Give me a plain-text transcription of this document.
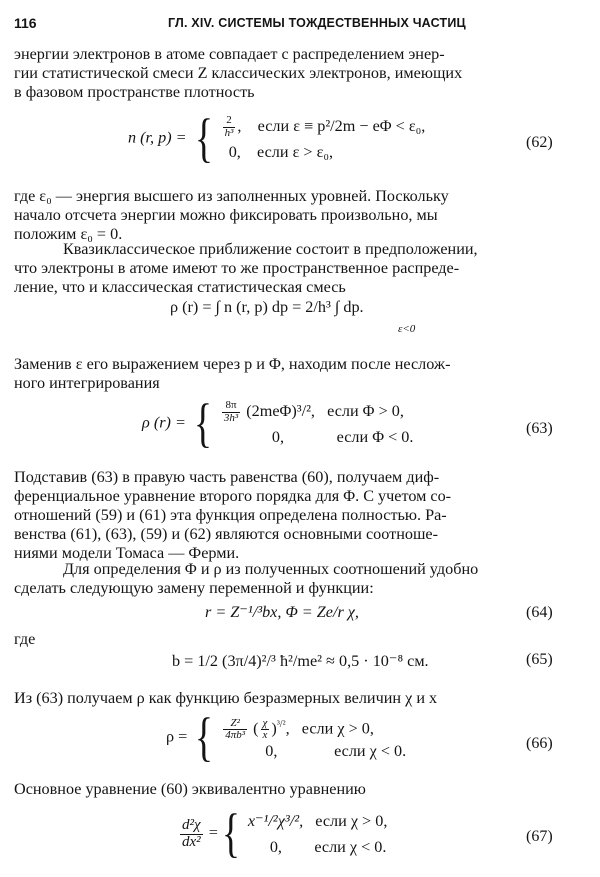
116	ГЛ. XIV. СИСТЕМЫ ТОЖДЕСТВЕННЫХ ЧАСТИЦ
энергии электронов в атоме совпадает с распределением энер-
гии статистической смеси Z классических электронов, имеющих
в фазовом пространстве плотность
n (r, p) = { $\frac{2}{\text{h³}}$ ,    если ε ≡ p²/2m − eΦ < ε₀,
0, если ε > ε₀,
(62)
где ε₀ — энергия высшего из заполненных уровней. Поскольку
начало отсчета энергии можно фиксировать произвольно, мы
положим ε₀ = 0.
Квазиклассическое приближение состоит в предположении,
что электроны в атоме имеют то же пространственное распреде-
ление, что и классическая статистическая смесь
ρ (r) = ∫ n (r, p) dp = 2/h³ ∫ dp.
ε<0
Заменив ε его выражением через p и Φ, находим после неслож-
ного интегрирования
ρ (r) = { $\frac{8\pi}{\text{3h³}} (2me\Phi)^3/^2$, если Φ > 0,
0,	если Φ < 0.	(63)
Подставив (63) в правую часть равенства (60), получаем диф-
ференциальное уравнение второго порядка для Φ. С учетом со-
отношений (59) и (61) эта функция определена полностью. Ра-
венства (61), (63), (59) и (62) являются основными соотноше-
ниями модели Томаса — Ферми.
Для определения Φ и ρ из полученных соотношений удобно
сделать следующую замену переменной и функции:
r = Z⁻¹/³bx, Φ = Ze/r χ,	(64)
где
b = 1/2 (3π/4)²/³ ħ²/me² ≈ 0,5 · 10⁻⁸ см.	(65)
Из (63) получаем ρ как функцию безразмерных величин χ и x
ρ = { $\frac{\text{Z²}}{\text{4πb³}}$ ( $\frac{\chi}{x} )^{^3/^2}$,   если χ > 0,
0,	если χ < 0.	(66)
Основное уравнение (60) эквивалентно уравнению
$\frac{\text{d²χ}}{\text{dx²}}$ ={ x⁻¹/²χ³/², если χ > 0,
0, если χ < 0.
(67)
